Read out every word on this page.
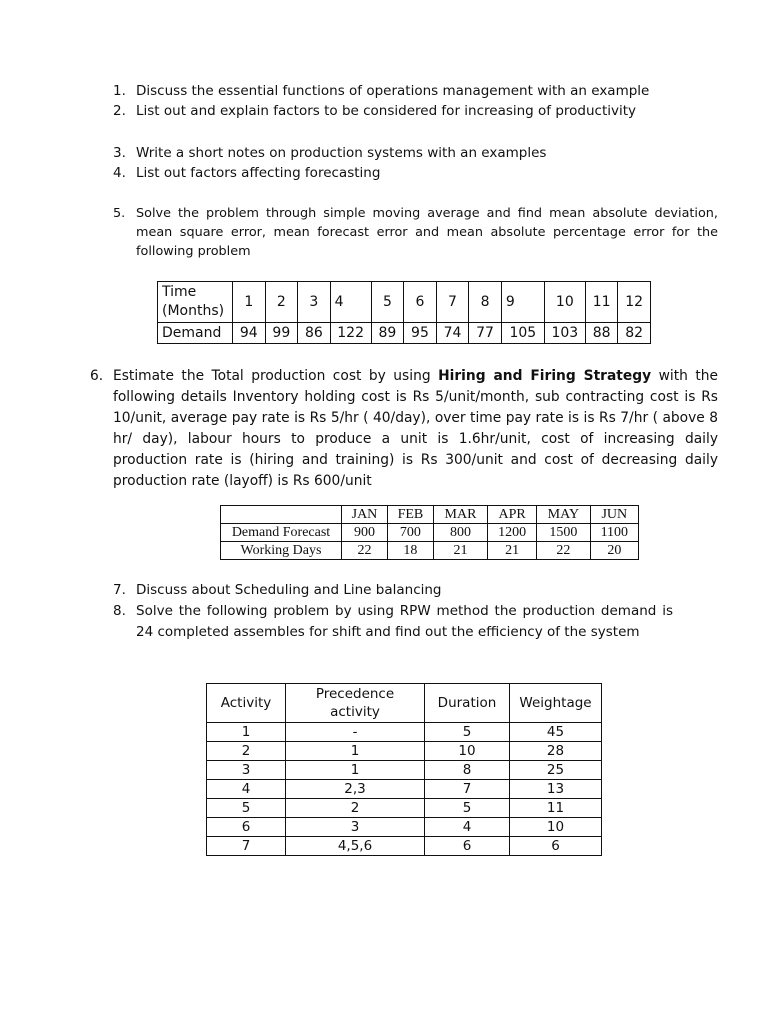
1. Discuss the essential functions of operations management with an example
2. List out and explain factors to be considered for increasing of productivity
3. Write a short notes on production systems with an examples
4. List out factors affecting forecasting
5. Solve the problem through simple moving average and find mean absolute deviation, mean square error, mean forecast error and mean absolute percentage error for the following problem
Time (Months)	1	2	3	4	5	6	7	8	9	10	11	12
Demand	94	99	86	122	89	95	74	77	105	103	88	82
6. Estimate the Total production cost by using Hiring and Firing Strategy with the following details Inventory holding cost is Rs 5/unit/month, sub contracting cost is Rs 10/unit, average pay rate is Rs 5/hr ( 40/day), over time pay rate is is Rs 7/hr ( above 8 hr/ day), labour hours to produce a unit is 1.6hr/unit, cost of increasing daily production rate is (hiring and training) is Rs 300/unit and cost of decreasing daily production rate (layoff) is Rs 600/unit
	JAN	FEB	MAR	APR	MAY	JUN
Demand Forecast	900	700	800	1200	1500	1100
Working Days	22	18	21	21	22	20
7. Discuss about Scheduling and Line balancing
8. Solve the following problem by using RPW method the production demand is 24 completed assembles for shift and find out the efficiency of the system
Activity	Precedence activity	Duration	Weightage
1	-	5	45
2	1	10	28
3	1	8	25
4	2,3	7	13
5	2	5	11
6	3	4	10
7	4,5,6	6	6
